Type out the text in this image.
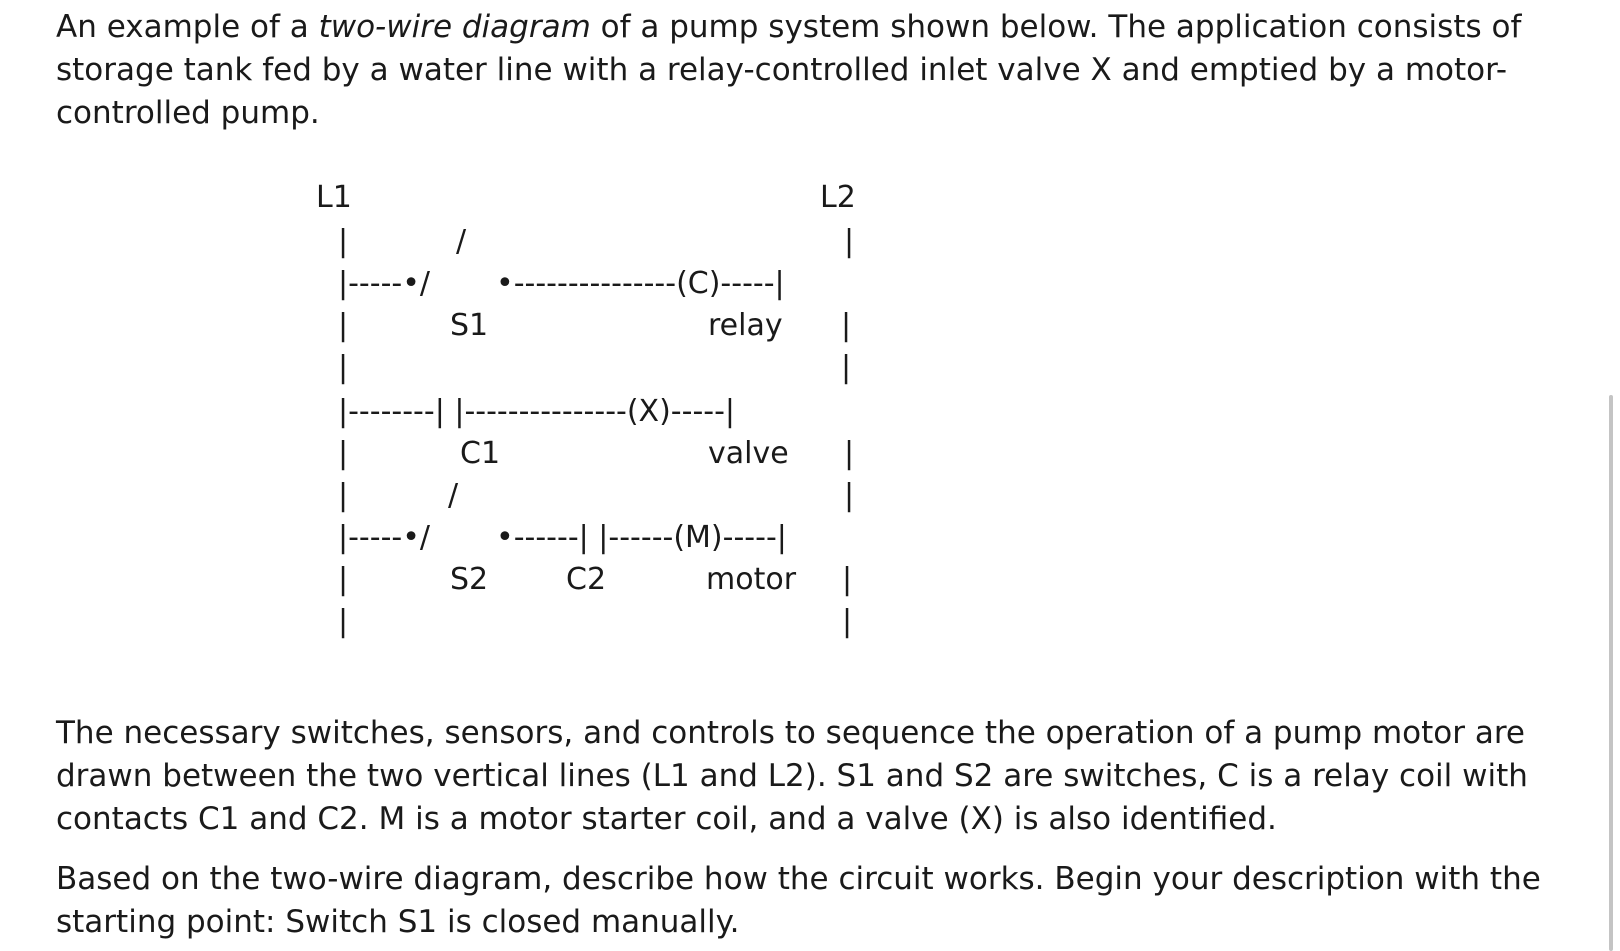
An example of a two-wire diagram of a pump system shown below. The application consists of storage tank fed by a water line with a relay-controlled inlet valve X and emptied by a motor-controlled pump.

L1	L2
|
|
|
|
|
|
|
|
|
|
|
|
|
|
/
|-----•/ •---------------(C)-----|
S1	relay
|--------| |---------------(X)-----|
C1	valve
/
|-----•/ •------| |------(M)-----|
S2	C2	motor

The necessary switches, sensors, and controls to sequence the operation of a pump motor are drawn between the two vertical lines (L1 and L2). S1 and S2 are switches, C is a relay coil with contacts C1 and C2. M is a motor starter coil, and a valve (X) is also identified.

Based on the two-wire diagram, describe how the circuit works. Begin your description with the starting point: Switch S1 is closed manually.
